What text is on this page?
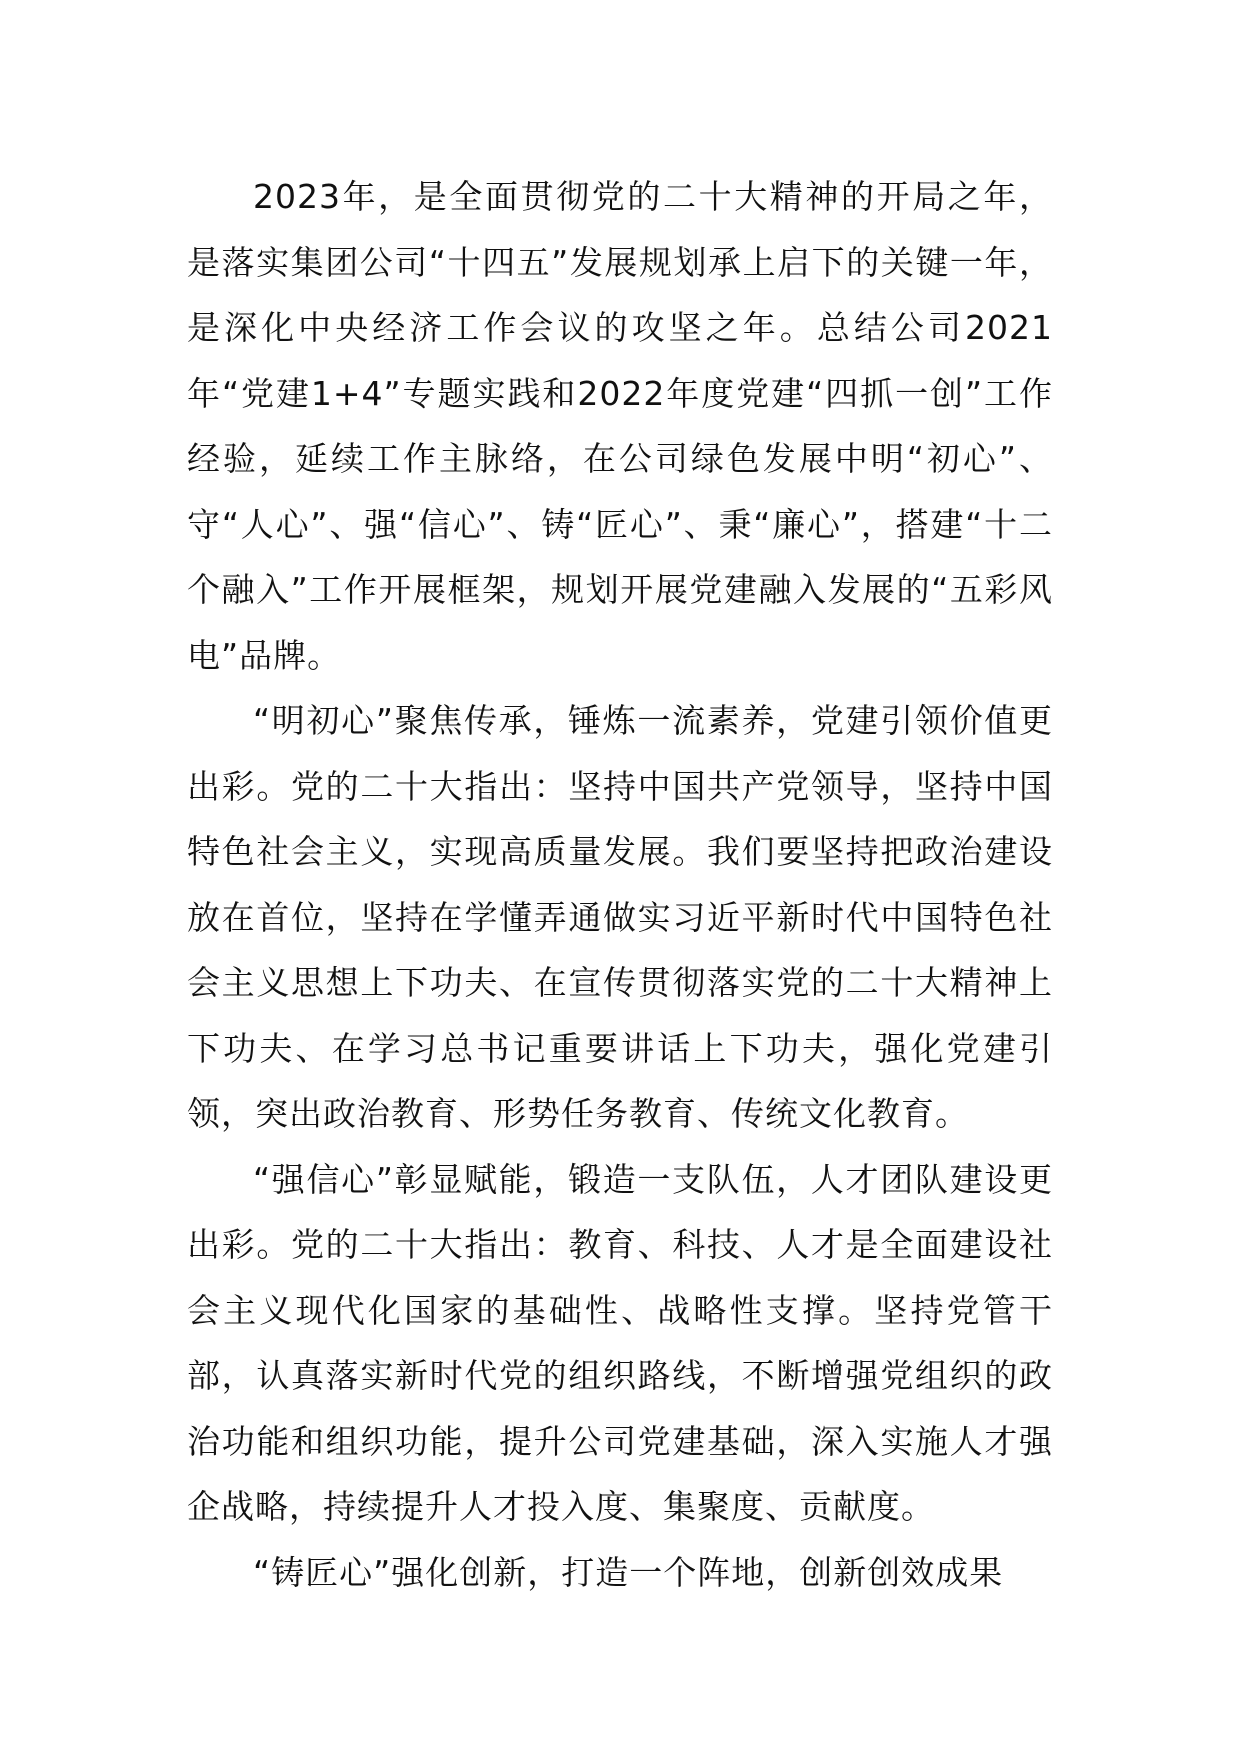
2023年，是全面贯彻党的二十大精神的开局之年，是落实集团公司“十四五”发展规划承上启下的关键一年，是深化中央经济工作会议的攻坚之年。总结公司2021年“党建1+4”专题实践和2022年度党建“四抓一创”工作经验，延续工作主脉络，在公司绿色发展中明“初心”、守“人心”、强“信心”、铸“匠心”、秉“廉心”，搭建“十二个融入”工作开展框架，规划开展党建融入发展的“五彩风电”品牌。

“明初心”聚焦传承，锤炼一流素养，党建引领价值更出彩。党的二十大指出：坚持中国共产党领导，坚持中国特色社会主义，实现高质量发展。我们要坚持把政治建设放在首位，坚持在学懂弄通做实习近平新时代中国特色社会主义思想上下功夫、在宣传贯彻落实党的二十大精神上下功夫、在学习总书记重要讲话上下功夫，强化党建引领，突出政治教育、形势任务教育、传统文化教育。

“强信心”彰显赋能，锻造一支队伍，人才团队建设更出彩。党的二十大指出：教育、科技、人才是全面建设社会主义现代化国家的基础性、战略性支撑。坚持党管干部，认真落实新时代党的组织路线，不断增强党组织的政治功能和组织功能，提升公司党建基础，深入实施人才强企战略，持续提升人才投入度、集聚度、贡献度。

“铸匠心”强化创新，打造一个阵地，创新创效成果
